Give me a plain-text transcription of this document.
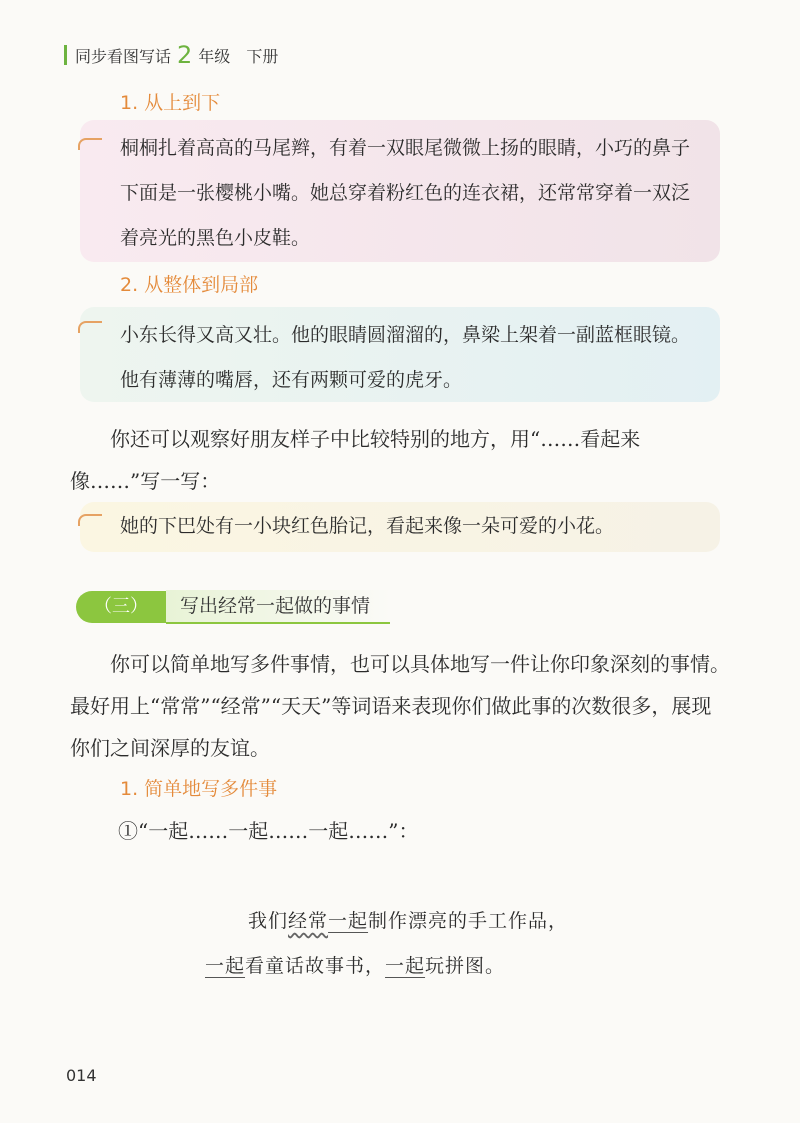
同步看图写话 2 年级 下册
1. 从上到下
桐桐扎着高高的马尾辫，有着一双眼尾微微上扬的眼睛，小巧的鼻子下面是一张樱桃小嘴。她总穿着粉红色的连衣裙，还常常穿着一双泛着亮光的黑色小皮鞋。
2. 从整体到局部
小东长得又高又壮。他的眼睛圆溜溜的，鼻梁上架着一副蓝框眼镜。他有薄薄的嘴唇，还有两颗可爱的虎牙。
你还可以观察好朋友样子中比较特别的地方，用“……看起来像……”写一写：
她的下巴处有一小块红色胎记，看起来像一朵可爱的小花。
（三）	写出经常一起做的事情
你可以简单地写多件事情，也可以具体地写一件让你印象深刻的事情。最好用上“常常”“经常”“天天”等词语来表现你们做此事的次数很多，展现你们之间深厚的友谊。
1. 简单地写多件事
①“一起……一起……一起……”：
我们经常一起制作漂亮的手工作品，
一起看童话故事书，一起玩拼图。
014
